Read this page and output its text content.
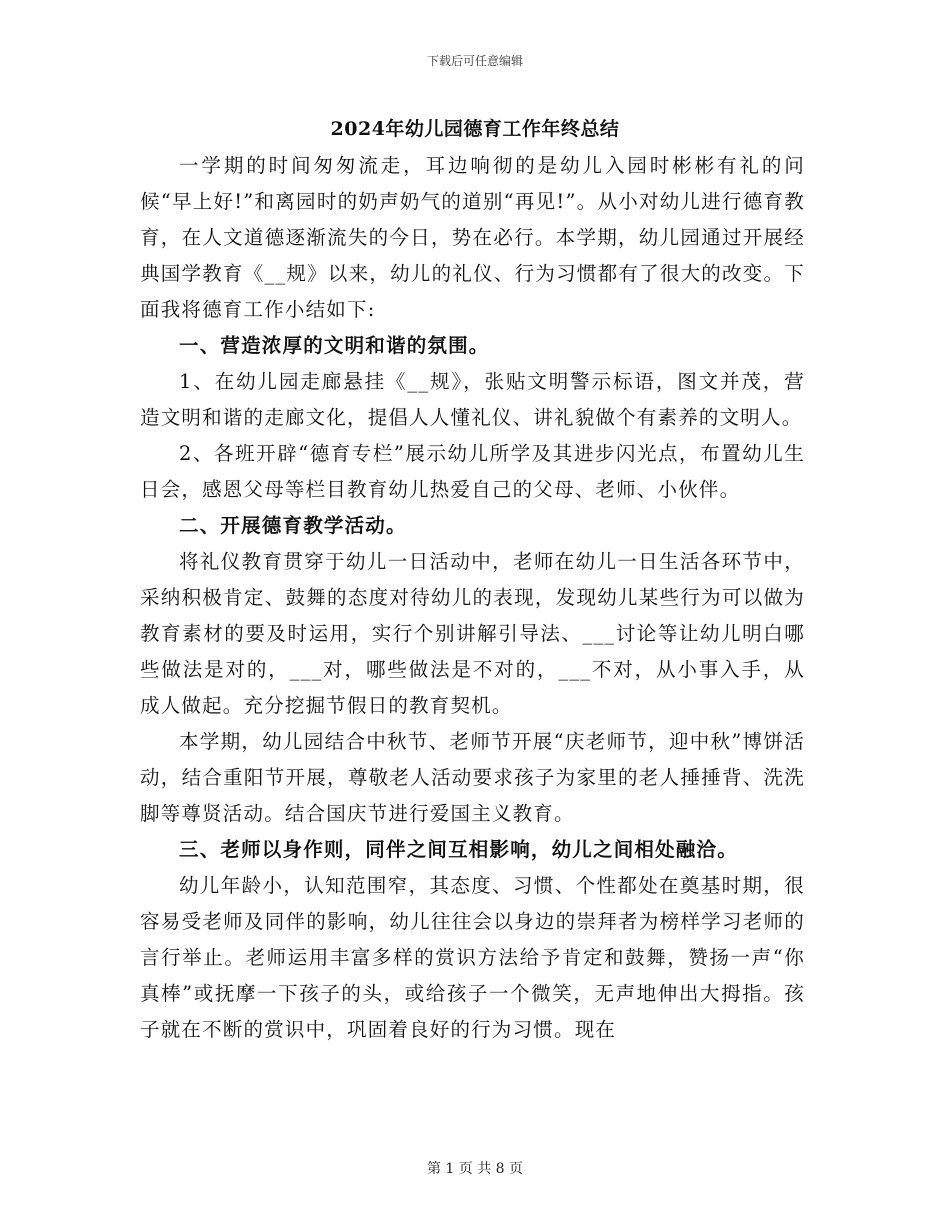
下载后可任意编辑
2024年幼儿园德育工作年终总结

一学期的时间匆匆流走，耳边响彻的是幼儿入园时彬彬有礼的问候“早上好!”和离园时的奶声奶气的道别“再见!”。从小对幼儿进行德育教育，在人文道德逐渐流失的今日，势在必行。本学期，幼儿园通过开展经典国学教育《__规》以来，幼儿的礼仪、行为习惯都有了很大的改变。下面我将德育工作小结如下:

一、营造浓厚的文明和谐的氛围。

1、在幼儿园走廊悬挂《__规》，张贴文明警示标语，图文并茂，营造文明和谐的走廊文化，提倡人人懂礼仪、讲礼貌做个有素养的文明人。

2、各班开辟“德育专栏”展示幼儿所学及其进步闪光点，布置幼儿生日会，感恩父母等栏目教育幼儿热爱自己的父母、老师、小伙伴。

二、开展德育教学活动。

将礼仪教育贯穿于幼儿一日活动中，老师在幼儿一日生活各环节中，采纳积极肯定、鼓舞的态度对待幼儿的表现，发现幼儿某些行为可以做为教育素材的要及时运用，实行个别讲解引导法、___讨论等让幼儿明白哪些做法是对的，___对，哪些做法是不对的，___不对，从小事入手，从成人做起。充分挖掘节假日的教育契机。

本学期，幼儿园结合中秋节、老师节开展“庆老师节，迎中秋”博饼活动，结合重阳节开展，尊敬老人活动要求孩子为家里的老人捶捶背、洗洗脚等尊贤活动。结合国庆节进行爱国主义教育。

三、老师以身作则，同伴之间互相影响，幼儿之间相处融洽。

幼儿年龄小，认知范围窄，其态度、习惯、个性都处在奠基时期，很容易受老师及同伴的影响，幼儿往往会以身边的崇拜者为榜样学习老师的言行举止。老师运用丰富多样的赏识方法给予肯定和鼓舞，赞扬一声“你真棒”或抚摩一下孩子的头，或给孩子一个微笑，无声地伸出大拇指。孩子就在不断的赏识中，巩固着良好的行为习惯。现在

第 1 页 共 8 页
